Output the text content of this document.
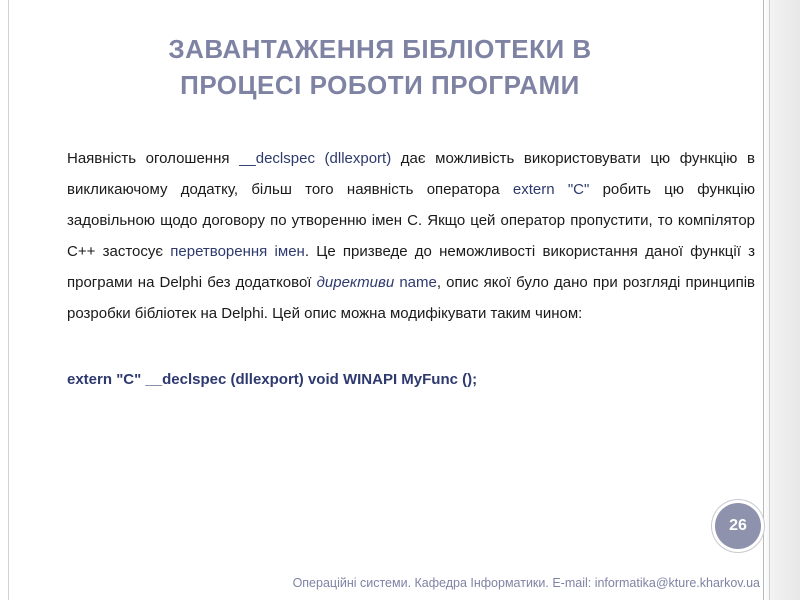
ЗАВАНТАЖЕННЯ БІБЛІОТЕКИ В
ПРОЦЕСІ РОБОТИ ПРОГРАМИ

Наявність оголошення __declspec (dllexport) дає можливість використовувати цю функцію в викликаючому додатку, більш того наявність оператора extern "C" робить цю функцію задовільною щодо договору по утворенню імен С. Якщо цей оператор пропустити, то компілятор C++ застосує перетворення імен. Це призведе до неможливості використання даної функції з програми на Delphi без додаткової директиви name, опис якої було дано при розгляді принципів розробки бібліотек на Delphi. Цей опис можна модифікувати таким чином:

extern "C" __declspec (dllexport) void WINAPI MyFunc ();
26
Операційні системи. Кафедра Інформатики. E-mail: informatika@kture.kharkov.ua
